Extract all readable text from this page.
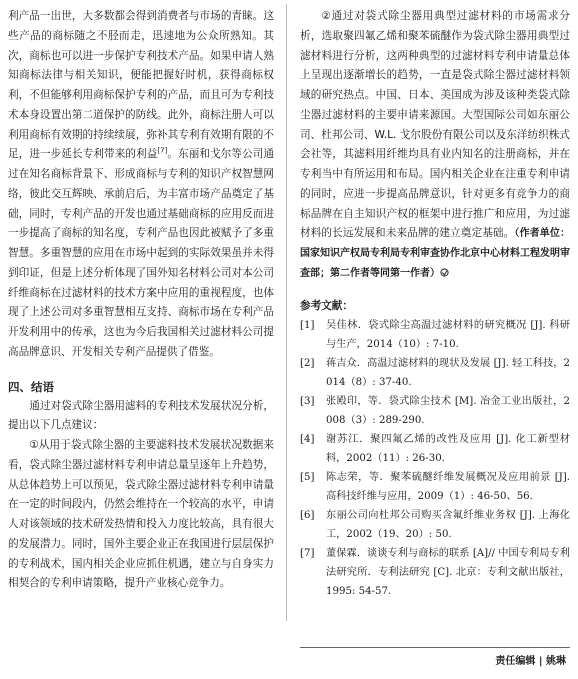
利产品一出世，大多数都会得到消费者与市场的青睐。这些产品的商标随之不胫而走，迅速地为公众所熟知。其次，商标也可以进一步保护专利技术产品。如果申请人熟知商标法律与相关知识，便能把握好时机，获得商标权利，不但能够利用商标保护专利的产品，而且可为专利技术本身设置出第二道保护的防线。此外，商标注册人可以利用商标有效期的持续续展，弥补其专利有效期有限的不足，进一步延长专利带来的利益[7]。东丽和戈尔等公司通过在知名商标背景下、形成商标与专利的知识产权智慧网络，彼此交互辉映、承前启后，为丰富市场产品奠定了基础，同时，专利产品的开发也通过基础商标的应用反而进一步提高了商标的知名度，专利产品也因此被赋予了多重智慧。多重智慧的应用在市场中起到的实际效果虽并未得到印证，但是上述分析体现了国外知名材料公司对本公司纤维商标在过滤材料的技术方案中应用的重视程度，也体现了上述公司对多重智慧相互支持、商标市场在专利产品开发利用中的传承，这也为今后我国相关过滤材料公司提高品牌意识、开发相关专利产品提供了借鉴。

四、结语

通过对袋式除尘器用滤料的专利技术发展状况分析，提出以下几点建议：

①从用于袋式除尘器的主要滤料技术发展状况数据来看，袋式除尘器过滤材料专利申请总量呈逐年上升趋势，从总体趋势上可以预见，袋式除尘器过滤材料专利申请量在一定的时间段内，仍然会维持在一个较高的水平，申请人对该领域的技术研发热情和投入力度比较高，具有很大的发展潜力。同时，国外主要企业正在我国进行层层保护的专利战术，国内相关企业应抓住机遇，建立与自身实力相契合的专利申请策略，提升产业核心竞争力。

②通过对袋式除尘器用典型过滤材料的市场需求分析，选取聚四氟乙烯和聚苯硫醚作为袋式除尘器用典型过滤材料进行分析，这两种典型的过滤材料专利申请量总体上呈现出逐渐增长的趋势，一直是袋式除尘器过滤材料领域的研究热点。中国、日本、美国成为涉及该种类袋式除尘器过滤材料的主要申请来源国。大型国际公司如东丽公司、杜邦公司、W.L. 戈尔股份有限公司以及东洋纺织株式会社等，其滤料用纤维均具有业内知名的注册商标，并在专利当中有所运用和布局。国内相关企业在注重专利申请的同时，应进一步提高品牌意识，针对更多有竞争力的商标品牌在自主知识产权的框架中进行推广和应用，为过滤材料的长远发展和未来品牌的建立奠定基础。（作者单位：国家知识产权局专利局专利审查协作北京中心材料工程发明审查部；第二作者等同第一作者）

参考文献：

[1]	吴佳林．袋式除尘高温过滤材料的研究概况 [J]. 科研与生产，2014（10）: 7-10.
[2]	蒋吉众．高温过滤材料的现状及发展 [J]. 轻工科技，2014（8）: 37-40.
[3]	张殿印，等．袋式除尘技术 [M]. 冶金工业出版社，2008（3）: 289-290.
[4]	谢苏江．聚四氟乙烯的改性及应用 [J]. 化工新型材料，2002（11）: 26-30.
[5]	陈志荣，等．聚苯硫醚纤维发展概况及应用前景 [J]. 高科技纤维与应用，2009（1）: 46-50、56.
[6]	东丽公司向杜邦公司购买含氟纤维业务权 [J]. 上海化工，2002（19、20）: 50.
[7]	董保霖．谈谈专利与商标的联系 [A]// 中国专利局专利法研究所．专利法研究 [C]. 北京：专利文献出版社，1995: 54-57.
责任编辑 | 姚琳
